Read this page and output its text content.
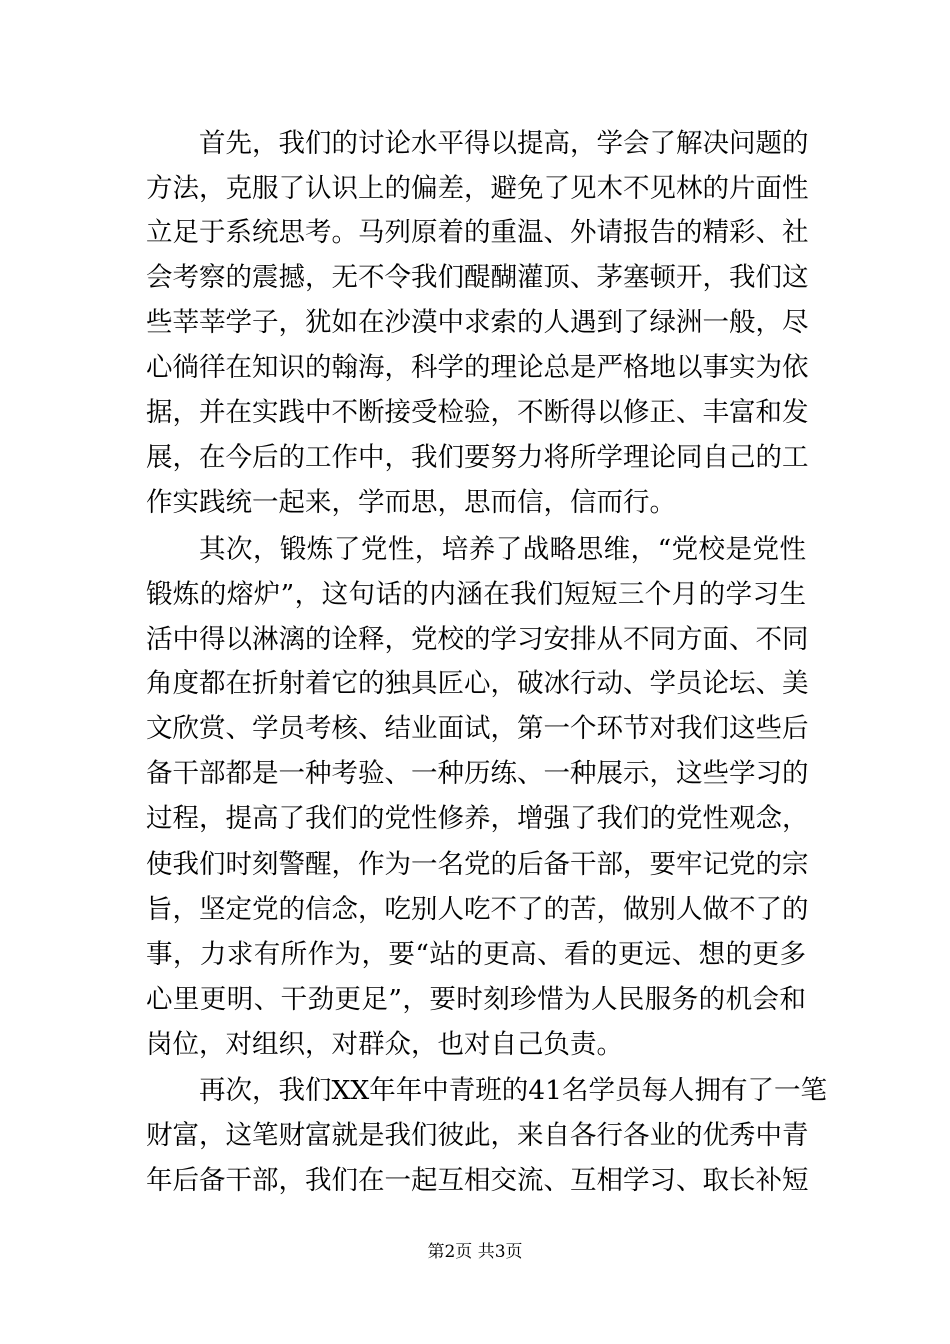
首先，我们的讨论水平得以提高，学会了解决问题的
方法，克服了认识上的偏差，避免了见木不见林的片面性
立足于系统思考。马列原着的重温、外请报告的精彩、社
会考察的震撼，无不令我们醍醐灌顶、茅塞顿开，我们这
些莘莘学子，犹如在沙漠中求索的人遇到了绿洲一般，尽
心徜徉在知识的翰海，科学的理论总是严格地以事实为依
据，并在实践中不断接受检验，不断得以修正、丰富和发
展，在今后的工作中，我们要努力将所学理论同自己的工
作实践统一起来，学而思，思而信，信而行。
其次，锻炼了党性，培养了战略思维，“党校是党性
锻炼的熔炉”，这句话的内涵在我们短短三个月的学习生
活中得以淋漓的诠释，党校的学习安排从不同方面、不同
角度都在折射着它的独具匠心，破冰行动、学员论坛、美
文欣赏、学员考核、结业面试，第一个环节对我们这些后
备干部都是一种考验、一种历练、一种展示，这些学习的
过程，提高了我们的党性修养，增强了我们的党性观念，
使我们时刻警醒，作为一名党的后备干部，要牢记党的宗
旨，坚定党的信念，吃别人吃不了的苦，做别人做不了的
事，力求有所作为，要“站的更高、看的更远、想的更多
心里更明、干劲更足”，要时刻珍惜为人民服务的机会和
岗位，对组织，对群众，也对自己负责。
再次，我们XX年年中青班的41名学员每人拥有了一笔
财富，这笔财富就是我们彼此，来自各行各业的优秀中青
年后备干部，我们在一起互相交流、互相学习、取长补短
第2页 共3页
